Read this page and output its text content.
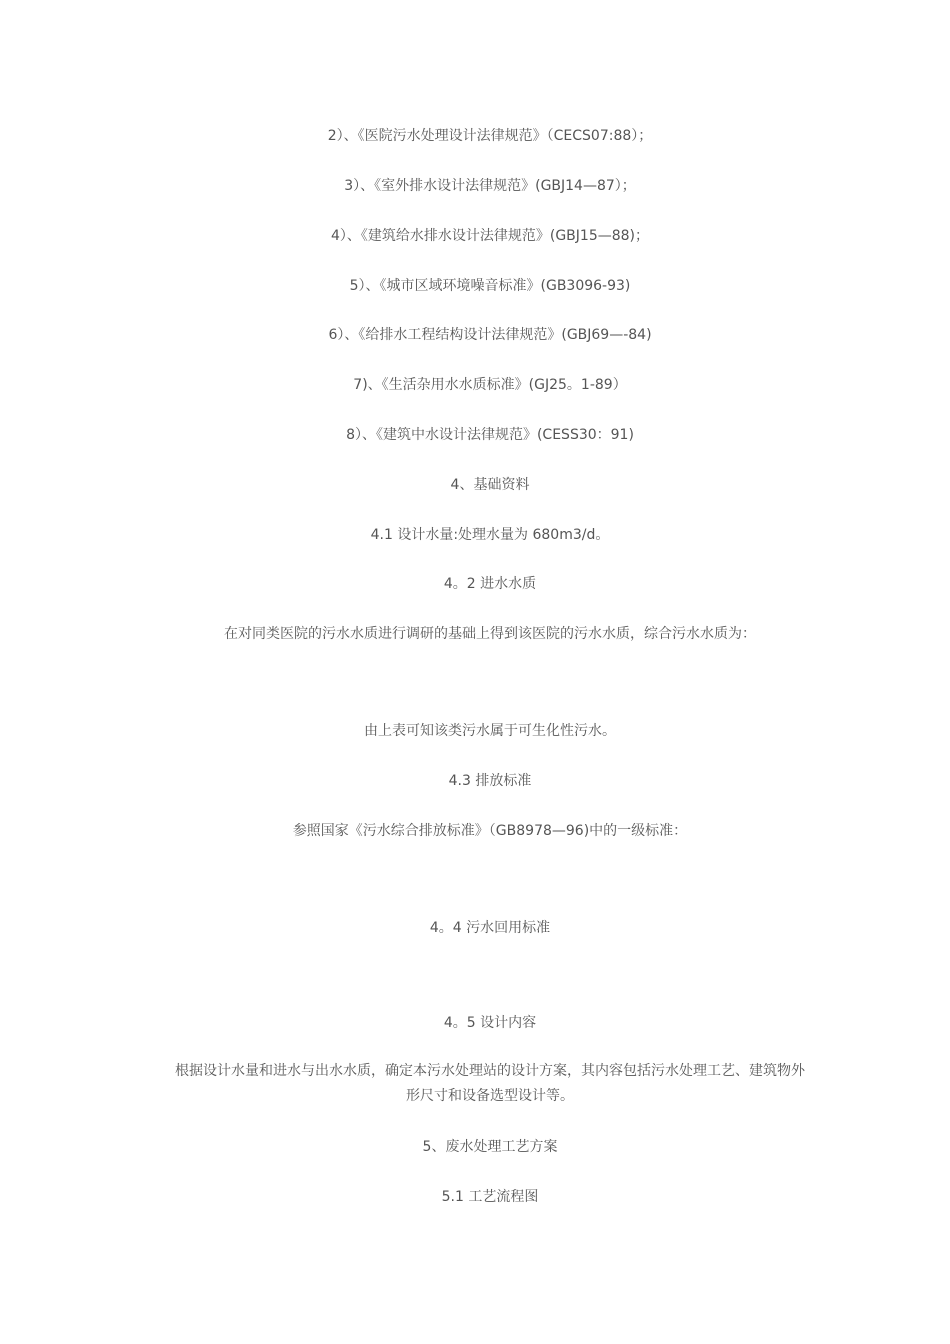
2）、《医院污水处理设计法律规范》（CECS07:88）；
3）、《室外排水设计法律规范》(GBJ14—87）；
4）、《建筑给水排水设计法律规范》(GBJ15—88)；
5）、《城市区域环境噪音标准》(GB3096-93)
6）、《给排水工程结构设计法律规范》(GBJ69—-84)
7)、《生活杂用水水质标准》(GJ25。1-89）
8）、《建筑中水设计法律规范》(CESS30：91)
4、基础资料
4.1 设计水量:处理水量为 680m3/d。
4。2 进水水质
在对同类医院的污水水质进行调研的基础上得到该医院的污水水质，综合污水水质为：
由上表可知该类污水属于可生化性污水。
4.3 排放标准
参照国家《污水综合排放标准》（GB8978—96)中的一级标准：
4。4 污水回用标准
4。5 设计内容
根据设计水量和进水与出水水质，确定本污水处理站的设计方案，其内容包括污水处理工艺、建筑物外形尺寸和设备选型设计等。
5、废水处理工艺方案
5.1 工艺流程图
